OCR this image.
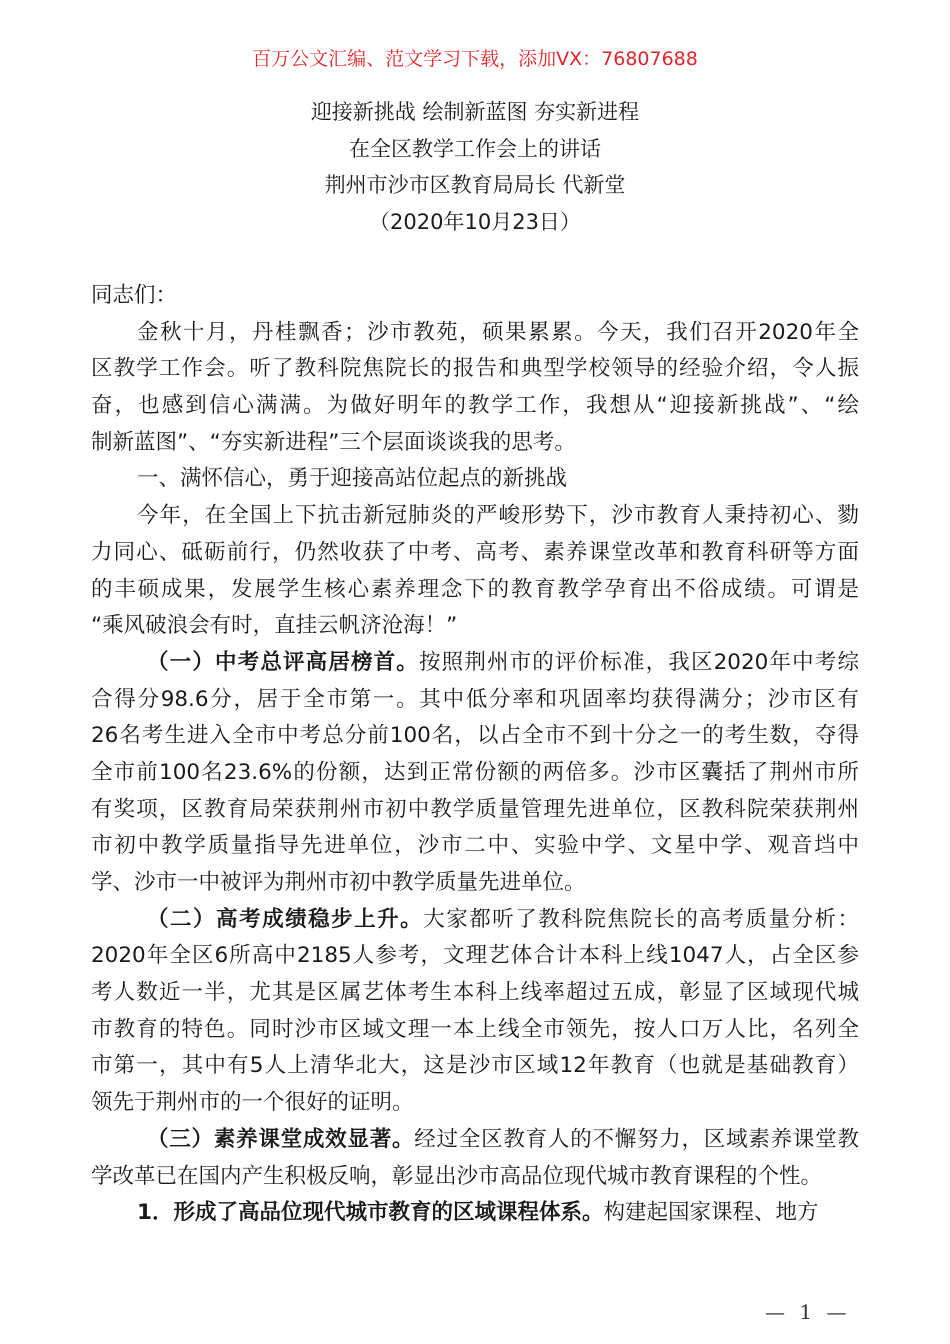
百万公文汇编、范文学习下载，添加VX：76807688
迎接新挑战 绘制新蓝图 夯实新进程
在全区教学工作会上的讲话
荆州市沙市区教育局局长 代新堂
（2020年10月23日）
同志们：
金秋十月，丹桂飘香；沙市教苑，硕果累累。今天，我们召开2020年全
区教学工作会。听了教科院焦院长的报告和典型学校领导的经验介绍，令人振
奋，也感到信心满满。为做好明年的教学工作，我想从“迎接新挑战”、“绘
制新蓝图”、“夯实新进程”三个层面谈谈我的思考。
一、满怀信心，勇于迎接高站位起点的新挑战
今年，在全国上下抗击新冠肺炎的严峻形势下，沙市教育人秉持初心、勠
力同心、砥砺前行，仍然收获了中考、高考、素养课堂改革和教育科研等方面
的丰硕成果，发展学生核心素养理念下的教育教学孕育出不俗成绩。可谓是
“乘风破浪会有时，直挂云帆济沧海！”
（一）中考总评高居榜首。按照荆州市的评价标准，我区2020年中考综
合得分98.6分，居于全市第一。其中低分率和巩固率均获得满分；沙市区有
26名考生进入全市中考总分前100名，以占全市不到十分之一的考生数，夺得
全市前100名23.6%的份额，达到正常份额的两倍多。沙市区囊括了荆州市所
有奖项，区教育局荣获荆州市初中教学质量管理先进单位，区教科院荣获荆州
市初中教学质量指导先进单位，沙市二中、实验中学、文星中学、观音垱中
学、沙市一中被评为荆州市初中教学质量先进单位。
（二）高考成绩稳步上升。大家都听了教科院焦院长的高考质量分析：
2020年全区6所高中2185人参考，文理艺体合计本科上线1047人，占全区参
考人数近一半，尤其是区属艺体考生本科上线率超过五成，彰显了区域现代城
市教育的特色。同时沙市区域文理一本上线全市领先，按人口万人比，名列全
市第一，其中有5人上清华北大，这是沙市区域12年教育（也就是基础教育）
领先于荆州市的一个很好的证明。
（三）素养课堂成效显著。经过全区教育人的不懈努力，区域素养课堂教
学改革已在国内产生积极反响，彰显出沙市高品位现代城市教育课程的个性。
1．形成了高品位现代城市教育的区域课程体系。构建起国家课程、地方
— 1 —
